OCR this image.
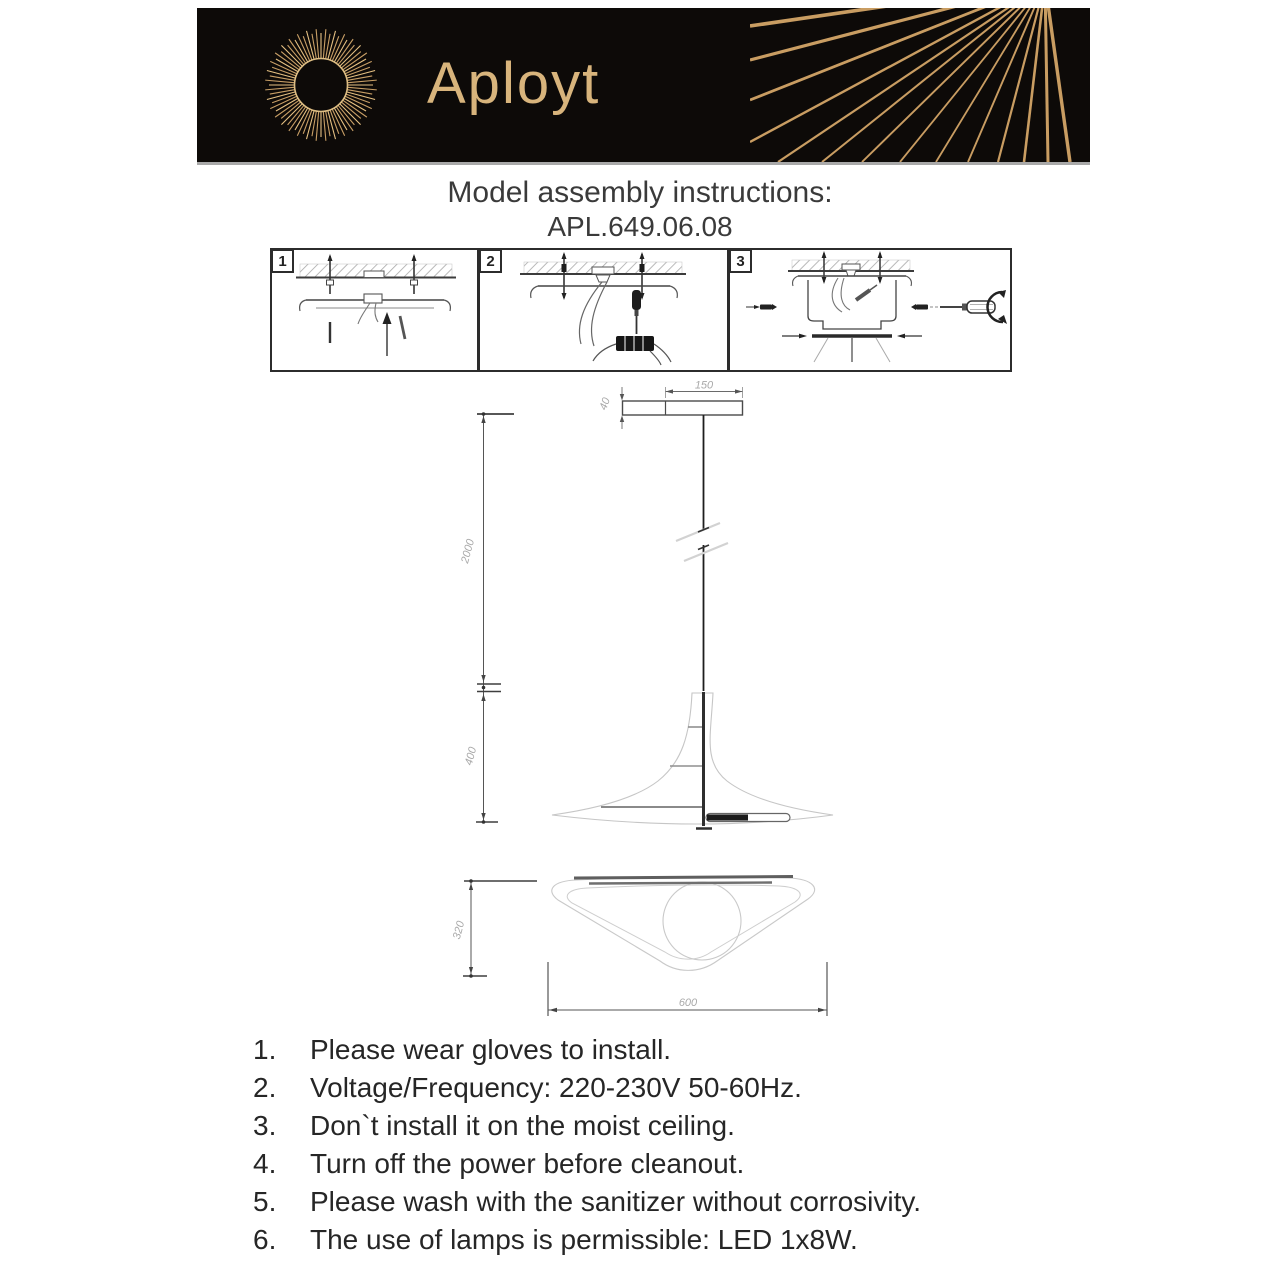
Aployt
Model assembly instructions:
APL.649.06.08
1	2	3
150
40
2000
400
320
600
1.	Please wear gloves to install.
2.	Voltage/Frequency: 220-230V 50-60Hz.
3.	Don`t install it on the moist ceiling.
4.	Turn off the power before cleanout.
5.	Please wash with the sanitizer without corrosivity.
6.	The use of lamps is permissible: LED 1x8W.
